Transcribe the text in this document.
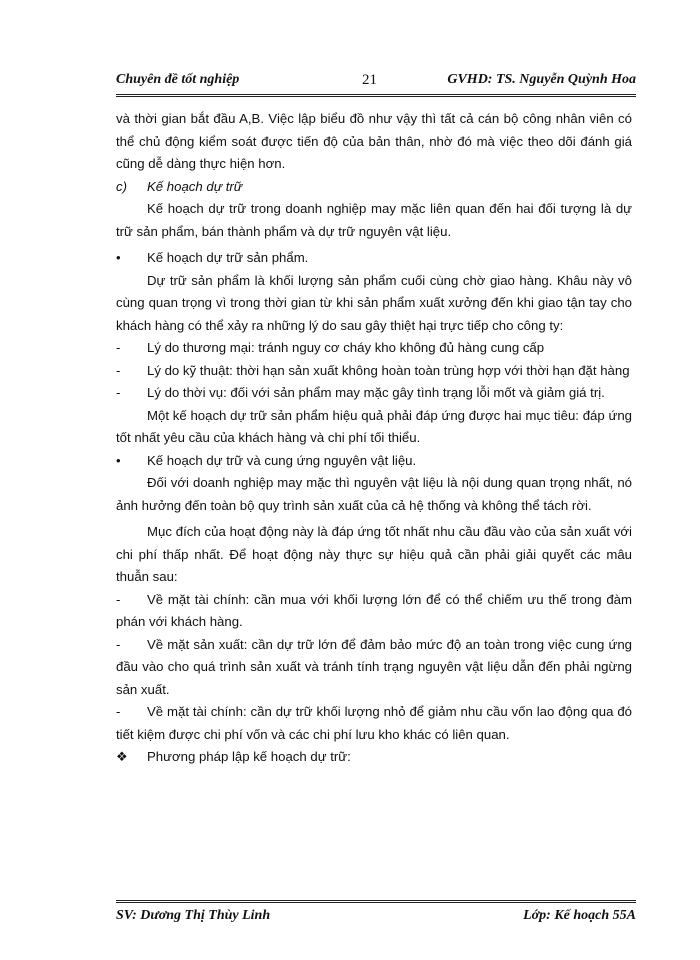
Chuyên đề tốt nghiệp	21	GVHD: TS. Nguyễn Quỳnh Hoa

và thời gian bắt đầu A,B. Việc lập biểu đồ như vậy thì tất cả cán bộ công nhân viên có thể chủ động kiểm soát được tiến độ của bản thân, nhờ đó mà việc theo dõi đánh giá cũng dễ dàng thực hiện hơn.

c)	Kế hoạch dự trữ

Kế hoạch dự trữ trong doanh nghiệp may mặc liên quan đến hai đối tượng là dự trữ sản phẩm, bán thành phẩm và dự trữ nguyên vật liệu.

•	Kế hoạch dự trữ sản phẩm.

Dự trữ sản phẩm là khối lượng sản phẩm cuối cùng chờ giao hàng. Khâu này vô cùng quan trọng vì trong thời gian từ khi sản phẩm xuất xưởng đến khi giao tận tay cho khách hàng có thể xảy ra những lý do sau gây thiệt hại trực tiếp cho công ty:

- Lý do thương mại: tránh nguy cơ cháy kho không đủ hàng cung cấp

- Lý do kỹ thuật: thời hạn sản xuất không hoàn toàn trùng hợp với thời hạn đặt hàng

- Lý do thời vụ: đối với sản phẩm may mặc gây tình trạng lỗi mốt và giảm giá trị.

Một kế hoạch dự trữ sản phẩm hiệu quả phải đáp ứng được hai mục tiêu: đáp ứng tốt nhất yêu cầu của khách hàng và chi phí tối thiểu.

•	Kế hoạch dự trữ và cung ứng nguyên vật liệu.

Đối với doanh nghiệp may mặc thì nguyên vật liệu là nội dung quan trọng nhất, nó ảnh hưởng đến toàn bộ quy trình sản xuất của cả hệ thống và không thể tách rời.

Mục đích của hoạt động này là đáp ứng tốt nhất nhu cầu đầu vào của sản xuất với chi phí thấp nhất. Để hoạt động này thực sự hiệu quả cần phải giải quyết các mâu thuẫn sau:

- Về mặt tài chính: cần mua với khối lượng lớn để có thể chiếm ưu thế trong đàm phán với khách hàng.

- Về mặt sản xuất: cần dự trữ lớn để đảm bảo mức độ an toàn trong việc cung ứng đầu vào cho quá trình sản xuất và tránh tính trạng nguyên vật liệu dẫn đến phải ngừng sản xuất.

- Về mặt tài chính: cần dự trữ khối lượng nhỏ để giảm nhu cầu vốn lao động qua đó tiết kiệm được chi phí vốn và các chi phí lưu kho khác có liên quan.

❖	Phương pháp lập kế hoạch dự trữ:
SV: Dương Thị Thùy Linh	Lớp: Kế hoạch 55A
